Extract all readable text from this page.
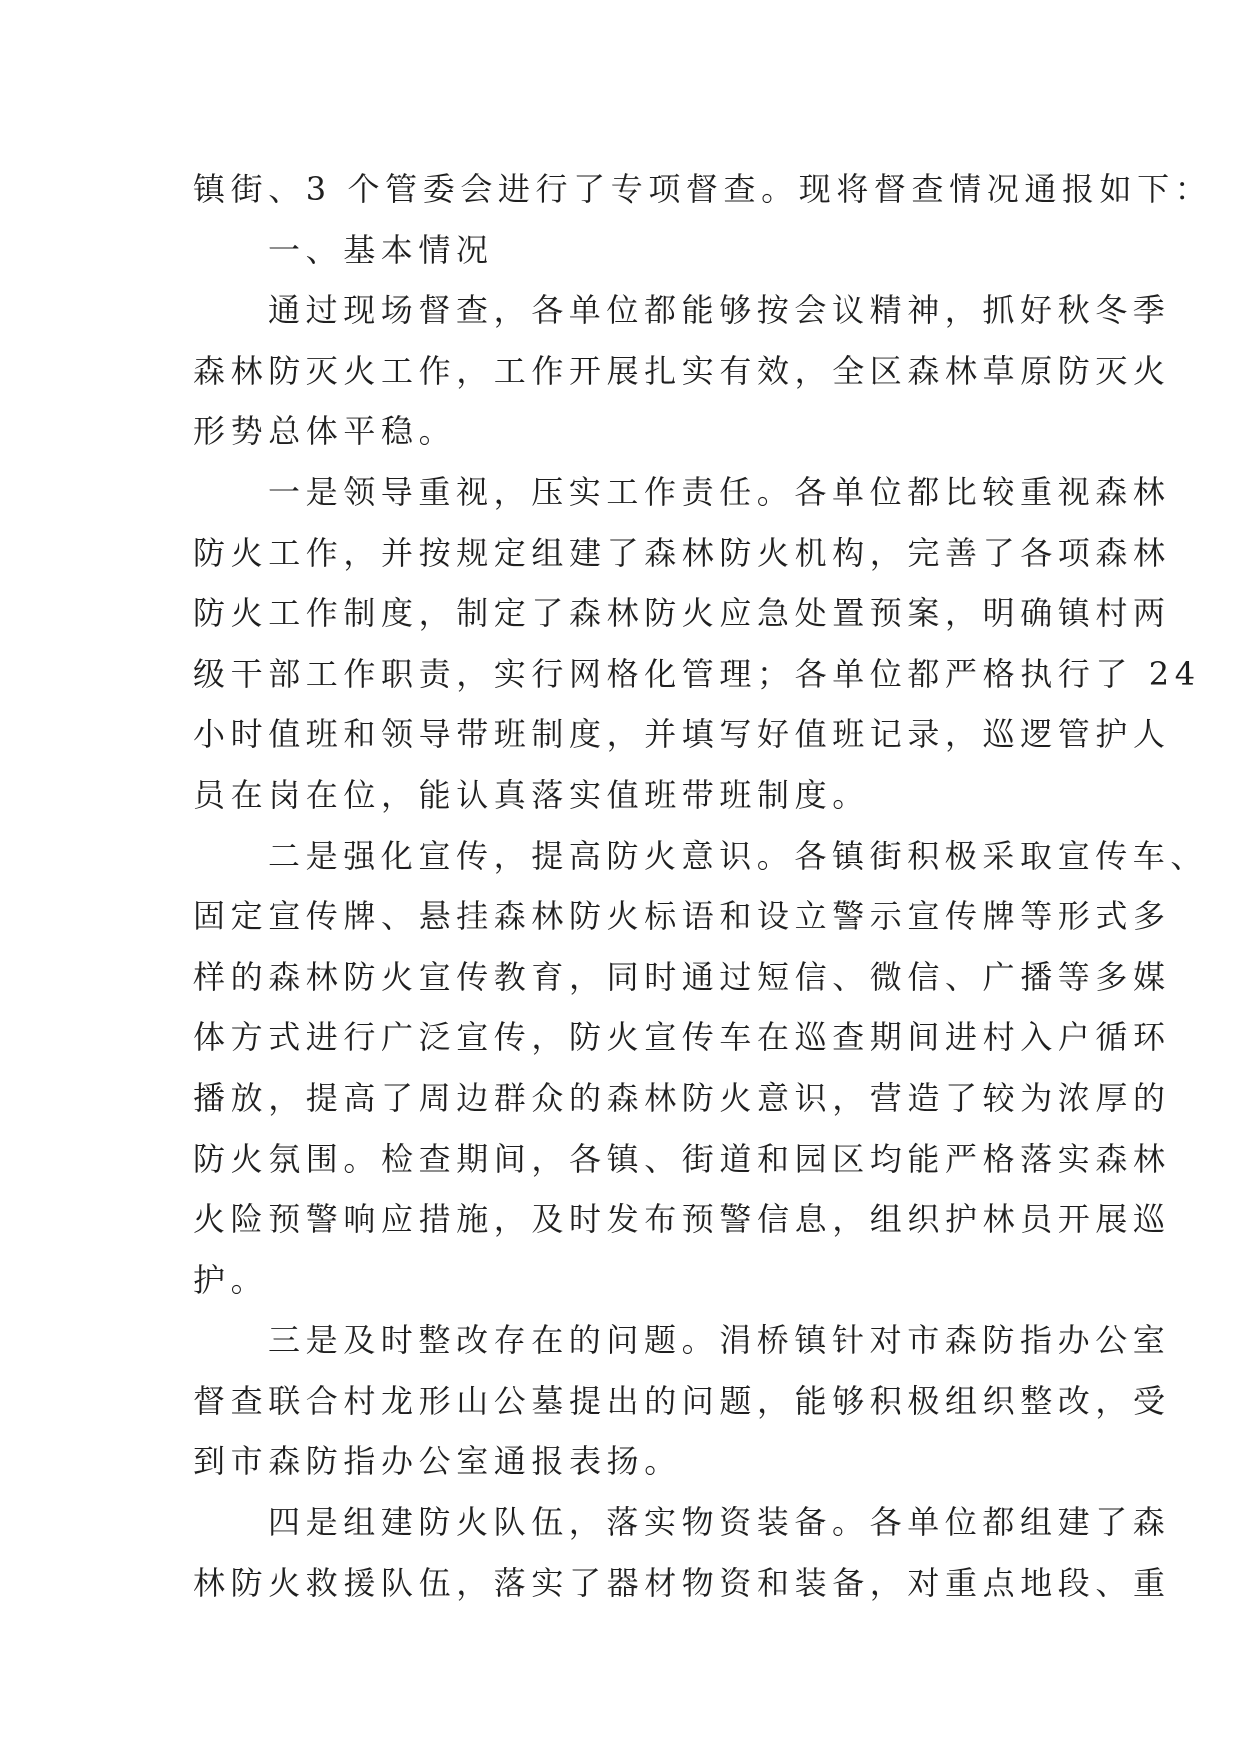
镇街、3 个管委会进行了专项督查。现将督查情况通报如下：
一、基本情况
通过现场督查，各单位都能够按会议精神，抓好秋冬季
森林防灭火工作，工作开展扎实有效，全区森林草原防灭火
形势总体平稳。
一是领导重视，压实工作责任。各单位都比较重视森林
防火工作，并按规定组建了森林防火机构，完善了各项森林
防火工作制度，制定了森林防火应急处置预案，明确镇村两
级干部工作职责，实行网格化管理；各单位都严格执行了 24
小时值班和领导带班制度，并填写好值班记录，巡逻管护人
员在岗在位，能认真落实值班带班制度。
二是强化宣传，提高防火意识。各镇街积极采取宣传车、
固定宣传牌、悬挂森林防火标语和设立警示宣传牌等形式多
样的森林防火宣传教育，同时通过短信、微信、广播等多媒
体方式进行广泛宣传，防火宣传车在巡查期间进村入户循环
播放，提高了周边群众的森林防火意识，营造了较为浓厚的
防火氛围。检查期间，各镇、街道和园区均能严格落实森林
火险预警响应措施，及时发布预警信息，组织护林员开展巡
护。
三是及时整改存在的问题。涓桥镇针对市森防指办公室
督查联合村龙形山公墓提出的问题，能够积极组织整改，受
到市森防指办公室通报表扬。
四是组建防火队伍，落实物资装备。各单位都组建了森
林防火救援队伍，落实了器材物资和装备，对重点地段、重
